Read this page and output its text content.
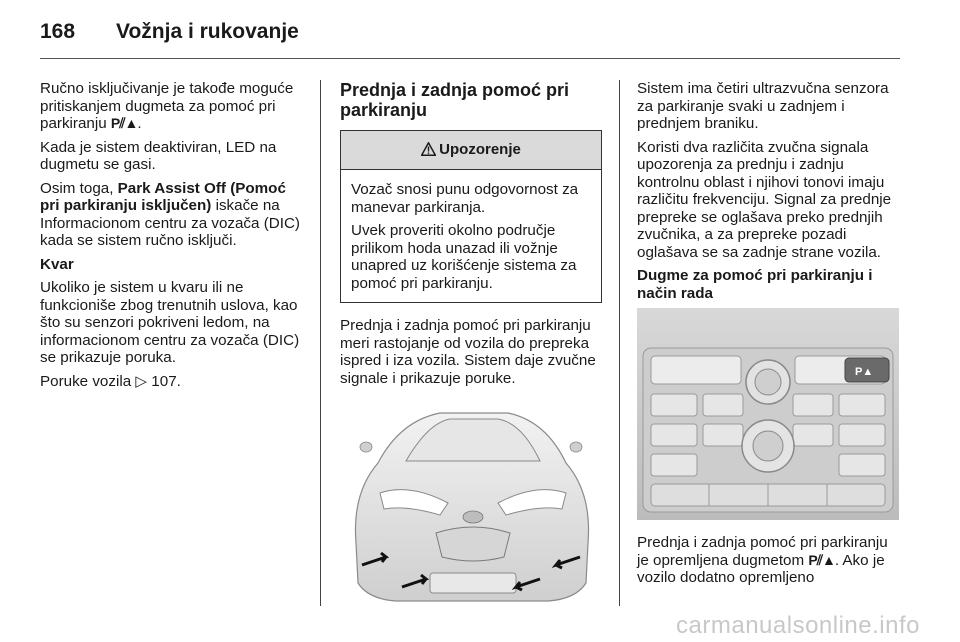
168 Vožnja i rukovanje

Ručno isključivanje je takođe moguće pritiskanjem dugmeta za pomoć pri parkiranju P⫽▲.

Kada je sistem deaktiviran, LED na dugmetu se gasi.

Osim toga, Park Assist Off (Pomoć pri parkiranju isključen) iskače na Informacionom centru za vozača (DIC) kada se sistem ručno isključi.

Kvar

Ukoliko je sistem u kvaru ili ne funkcioniše zbog trenutnih uslova, kao što su senzori pokriveni ledom, na informacionom centru za vozača (DIC) se prikazuje poruka.

Poruke vozila ▷ 107.

Prednja i zadnja pomoć pri parkiranju
Upozorenje

Vozač snosi punu odgovornost za manevar parkiranja.

Uvek proveriti okolno područje prilikom hoda unazad ili vožnje unapred uz korišćenje sistema za pomoć pri parkiranju.

Prednja i zadnja pomoć pri parkiranju meri rastojanje od vozila do prepreka ispred i iza vozila. Sistem daje zvučne signale i prikazuje poruke.

Sistem ima četiri ultrazvučna senzora za parkiranje svaki u zadnjem i prednjem braniku.

Koristi dva različita zvučna signala upozorenja za prednju i zadnju kontrolnu oblast i njihovi tonovi imaju različitu frekvenciju. Signal za prednje prepreke se oglašava preko prednjih zvučnika, a za prepreke pozadi oglašava se sa zadnje strane vozila.

Dugme za pomoć pri parkiranju i način rada

P▲

Prednja i zadnja pomoć pri parkiranju je opremljena dugmetom P⫽▲. Ako je vozilo dodatno opremljeno

carmanualsonline.info
